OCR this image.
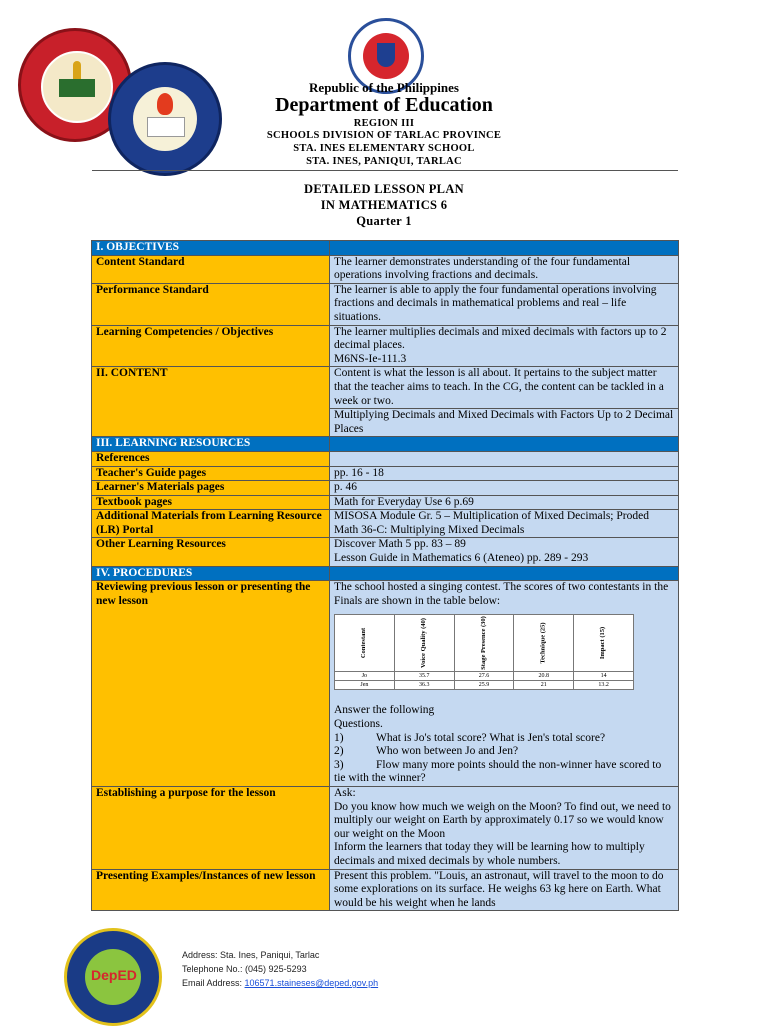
Republic of the Philippines
Department of Education
REGION III
SCHOOLS DIVISION OF TARLAC PROVINCE
STA. INES ELEMENTARY SCHOOL
STA. INES, PANIQUI, TARLAC
DETAILED LESSON PLAN
IN MATHEMATICS 6
Quarter 1
I. OBJECTIVES	
Content Standard	The learner demonstrates understanding of the four fundamental operations involving fractions and decimals.
Performance Standard	The learner is able to apply the four fundamental operations involving fractions and decimals in mathematical problems and real – life situations.
Learning Competencies / Objectives	The learner multiplies decimals and mixed decimals with factors up to 2 decimal places.
M6NS-Ie-111.3

II. CONTENT	Content is what the lesson is all about. It pertains to the subject matter that the teacher aims to teach. In the CG, the content can be tackled in a week or two.
Multiplying Decimals and Mixed Decimals with Factors Up to 2 Decimal Places
III. LEARNING RESOURCES	
References	
Teacher's Guide pages	pp. 16 - 18
Learner's Materials pages	p. 46
Textbook pages	Math for Everyday Use 6 p.69
Additional Materials from Learning Resource (LR) Portal	MISOSA Module Gr. 5 – Multiplication of Mixed Decimals; Proded Math 36-C: Multiplying Mixed Decimals
Other Learning Resources	Discover Math 5 pp. 83 – 89
Lesson Guide in Mathematics 6 (Ateneo) pp. 289 - 293

IV. PROCEDURES	
Reviewing previous lesson or presenting the new lesson	
The school hosted a singing contest. The scores of two contestants in the Finals are shown in the table below:
Contestant	Voice Quality (40)	Stage Presence (30)	Technique (25)	Impact (15)
Jo	35.7	27.6	20.8	14
Jen	36.3	25.9	21	13.2
Answer the following
Questions.
1)	What is Jo's total score? What is Jen's total score?
2)	Who won between Jo and Jen?
3)	Flow many more points should the non-winner have scored to tie with the winner?

Establishing a purpose for the lesson	Ask:
Do you know how much we weigh on the Moon? To find out, we need to multiply our weight on Earth by approximately 0.17 so we would know our weight on the Moon
Inform the learners that today they will be learning how to multiply decimals and mixed decimals by whole numbers.

Presenting Examples/Instances of new lesson	Present this problem. "Louis, an astronaut, will travel to the moon to do some explorations on its surface. He weighs 63 kg here on Earth. What would be his weight when he lands
DepED
Address: Sta. Ines, Paniqui, Tarlac
Telephone No.: (045) 925-5293
Email Address: 106571.staineses@deped.gov.ph
